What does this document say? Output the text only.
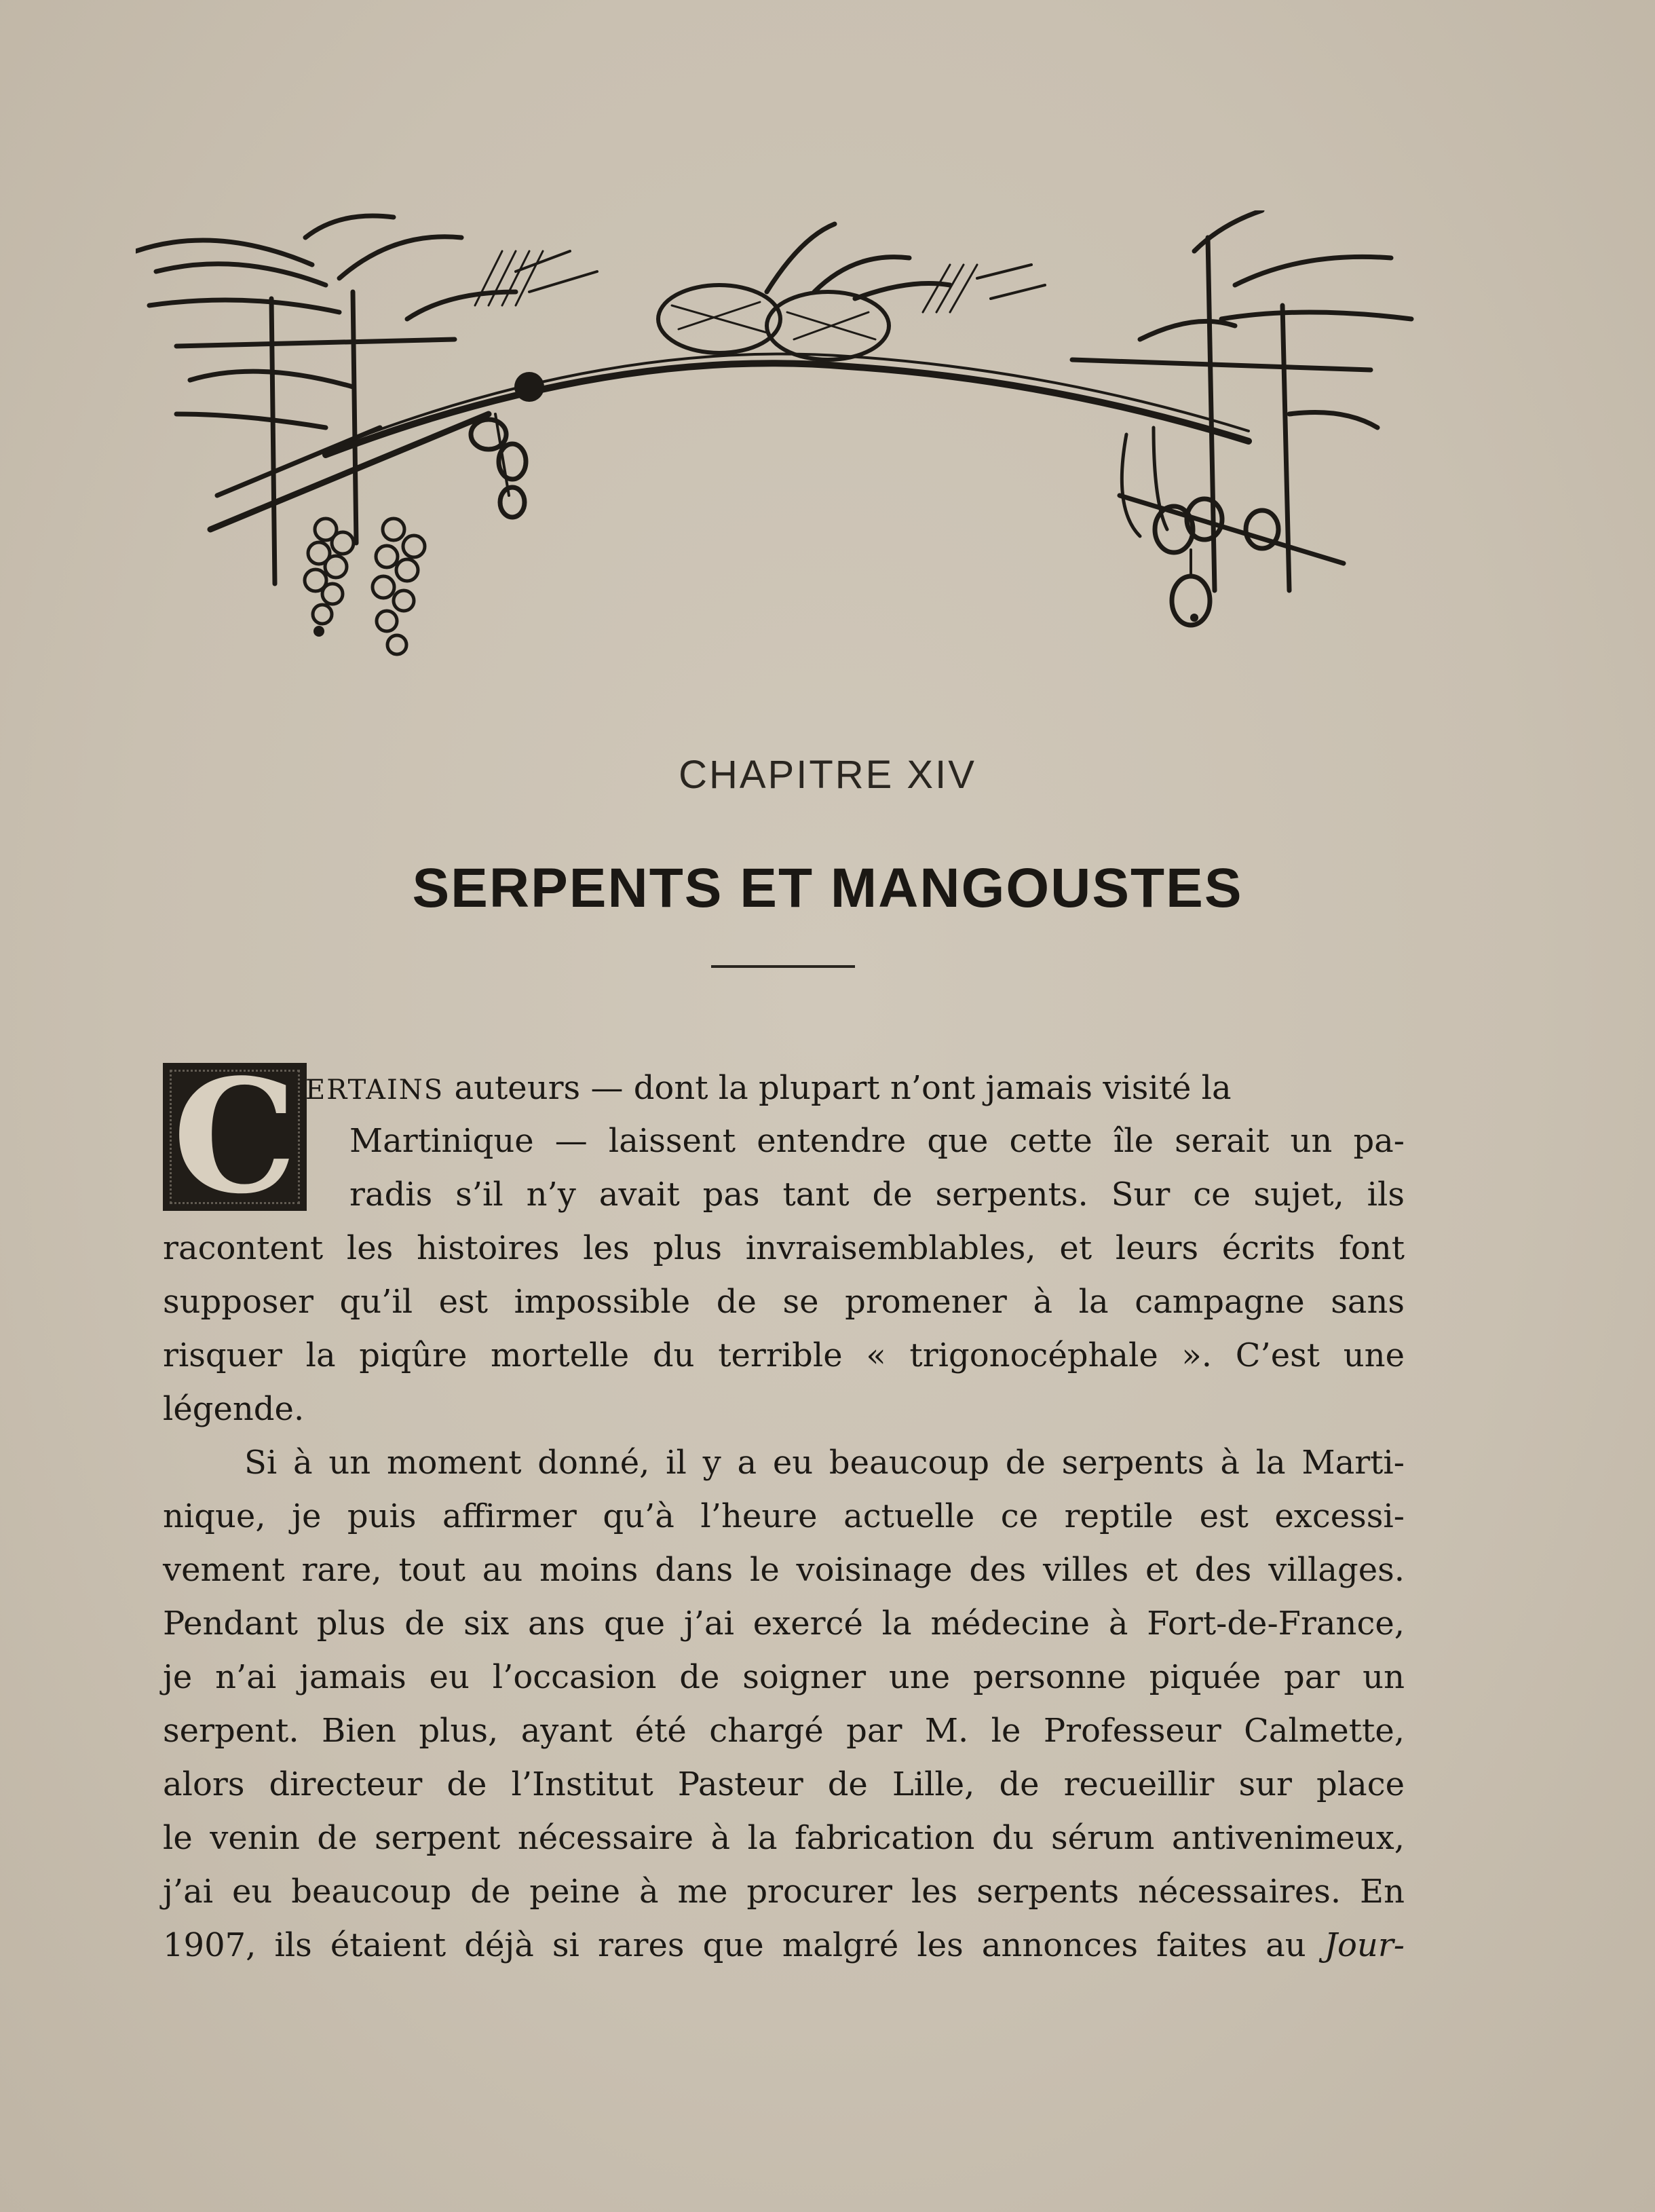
CHAPITRE XIV
SERPENTS ET MANGOUSTES
C ERTAINS auteurs — dont la plupart n’ont jamais visité la
Martinique — laissent entendre que cette île serait un pa-
radis s’il n’y avait pas tant de serpents. Sur ce sujet, ils
racontent les histoires les plus invraisemblables, et leurs écrits font
supposer qu’il est impossible de se promener à la campagne sans
risquer la piqûre mortelle du terrible « trigonocéphale ». C’est une
légende.
Si à un moment donné, il y a eu beaucoup de serpents à la Marti-
nique, je puis affirmer qu’à l’heure actuelle ce reptile est excessi-
vement rare, tout au moins dans le voisinage des villes et des villages.
Pendant plus de six ans que j’ai exercé la médecine à Fort-de-France,
je n’ai jamais eu l’occasion de soigner une personne piquée par un
serpent. Bien plus, ayant été chargé par M. le Professeur Calmette,
alors directeur de l’Institut Pasteur de Lille, de recueillir sur place
le venin de serpent nécessaire à la fabrication du sérum antivenimeux,
j’ai eu beaucoup de peine à me procurer les serpents nécessaires. En
1907, ils étaient déjà si rares que malgré les annonces faites au Jour-
